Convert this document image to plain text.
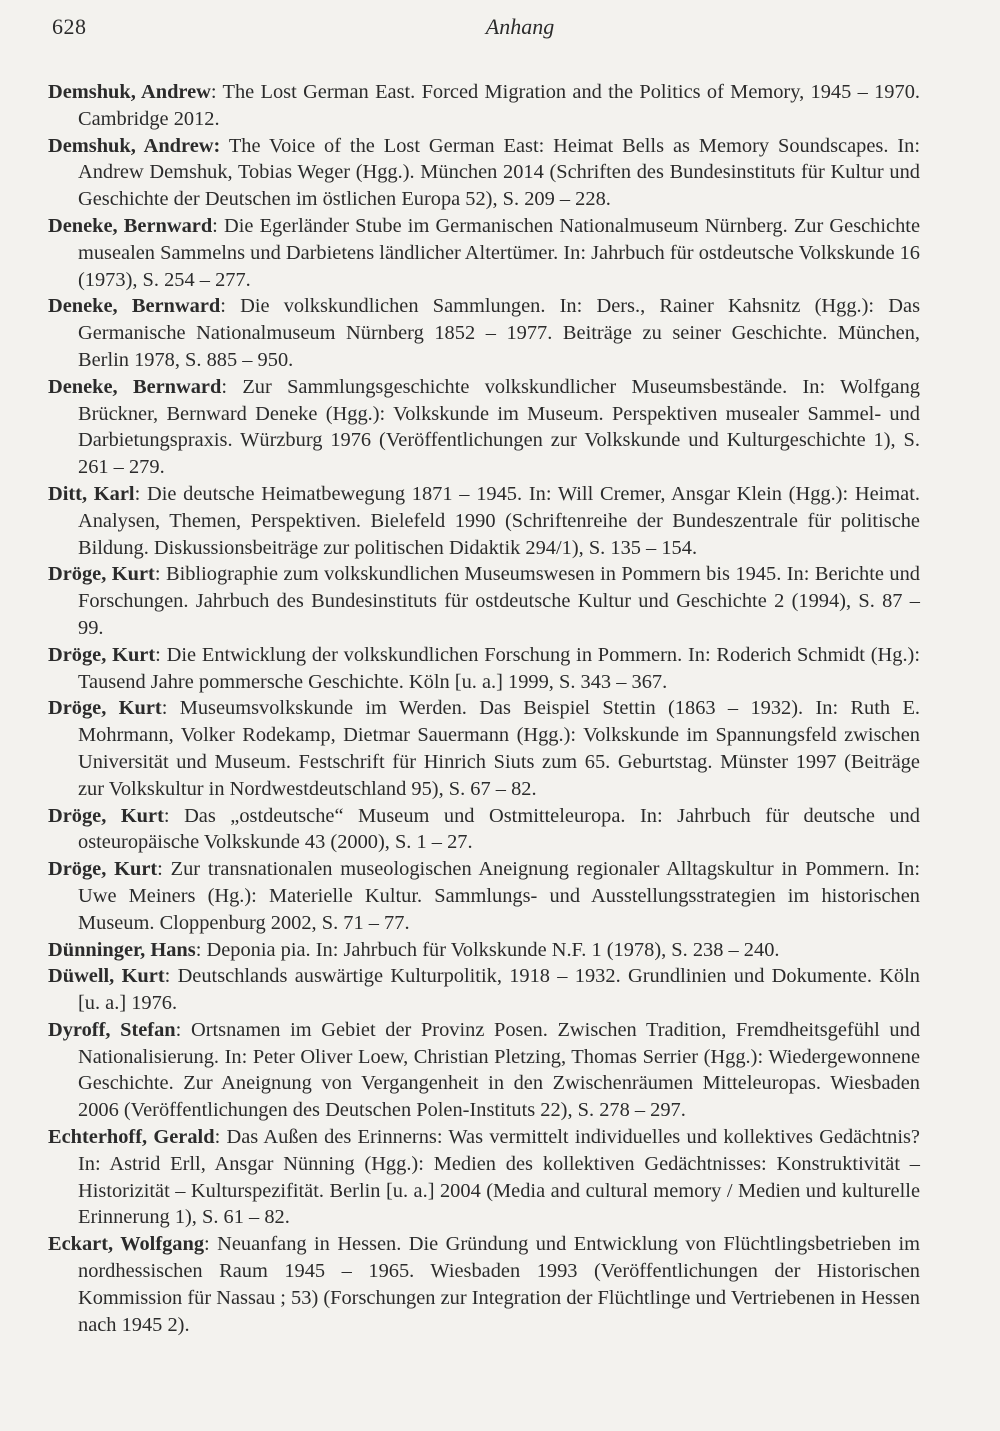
628	Anhang

Demshuk, Andrew: The Lost German East. Forced Migration and the Politics of Memory, 1945 – 1970. Cambridge 2012.

Demshuk, Andrew: The Voice of the Lost German East: Heimat Bells as Memory Soundscapes. In: Andrew Demshuk, Tobias Weger (Hgg.). München 2014 (Schriften des Bundesinstituts für Kultur und Geschichte der Deutschen im östlichen Europa 52), S. 209 – 228.

Deneke, Bernward: Die Egerländer Stube im Germanischen Nationalmuseum Nürnberg. Zur Geschichte musealen Sammelns und Darbietens ländlicher Altertümer. In: Jahrbuch für ostdeutsche Volkskunde 16 (1973), S. 254 – 277.

Deneke, Bernward: Die volkskundlichen Sammlungen. In: Ders., Rainer Kahsnitz (Hgg.): Das Germanische Nationalmuseum Nürnberg 1852 – 1977. Beiträge zu seiner Geschichte. München, Berlin 1978, S. 885 – 950.

Deneke, Bernward: Zur Sammlungsgeschichte volkskundlicher Museumsbestände. In: Wolfgang Brückner, Bernward Deneke (Hgg.): Volkskunde im Museum. Perspektiven musealer Sammel- und Darbietungspraxis. Würzburg 1976 (Veröffentlichungen zur Volkskunde und Kulturgeschichte 1), S. 261 – 279.

Ditt, Karl: Die deutsche Heimatbewegung 1871 – 1945. In: Will Cremer, Ansgar Klein (Hgg.): Heimat. Analysen, Themen, Perspektiven. Bielefeld 1990 (Schriftenreihe der Bundeszentrale für politische Bildung. Diskussionsbeiträge zur politischen Didaktik 294/1), S. 135 – 154.

Dröge, Kurt: Bibliographie zum volkskundlichen Museumswesen in Pommern bis 1945. In: Berichte und Forschungen. Jahrbuch des Bundesinstituts für ostdeutsche Kultur und Geschichte 2 (1994), S. 87 – 99.

Dröge, Kurt: Die Entwicklung der volkskundlichen Forschung in Pommern. In: Roderich Schmidt (Hg.): Tausend Jahre pommersche Geschichte. Köln [u. a.] 1999, S. 343 – 367.

Dröge, Kurt: Museumsvolkskunde im Werden. Das Beispiel Stettin (1863 – 1932). In: Ruth E. Mohrmann, Volker Rodekamp, Dietmar Sauermann (Hgg.): Volkskunde im Spannungsfeld zwischen Universität und Museum. Festschrift für Hinrich Siuts zum 65. Geburtstag. Münster 1997 (Beiträge zur Volkskultur in Nordwestdeutschland 95), S. 67 – 82.

Dröge, Kurt: Das „ostdeutsche“ Museum und Ostmitteleuropa. In: Jahrbuch für deutsche und osteuropäische Volkskunde 43 (2000), S. 1 – 27.

Dröge, Kurt: Zur transnationalen museologischen Aneignung regionaler Alltagskultur in Pommern. In: Uwe Meiners (Hg.): Materielle Kultur. Sammlungs- und Ausstellungsstrategien im historischen Museum. Cloppenburg 2002, S. 71 – 77.

Dünninger, Hans: Deponia pia. In: Jahrbuch für Volkskunde N.F. 1 (1978), S. 238 – 240.

Düwell, Kurt: Deutschlands auswärtige Kulturpolitik, 1918 – 1932. Grundlinien und Dokumente. Köln [u. a.] 1976.

Dyroff, Stefan: Ortsnamen im Gebiet der Provinz Posen. Zwischen Tradition, Fremdheitsgefühl und Nationalisierung. In: Peter Oliver Loew, Christian Pletzing, Thomas Serrier (Hgg.): Wiedergewonnene Geschichte. Zur Aneignung von Vergangenheit in den Zwischenräumen Mitteleuropas. Wiesbaden 2006 (Veröffentlichungen des Deutschen Polen-Instituts 22), S. 278 – 297.

Echterhoff, Gerald: Das Außen des Erinnerns: Was vermittelt individuelles und kollektives Gedächtnis? In: Astrid Erll, Ansgar Nünning (Hgg.): Medien des kollektiven Gedächtnisses: Konstruktivität – Historizität – Kulturspezifität. Berlin [u. a.] 2004 (Media and cultural memory / Medien und kulturelle Erinnerung 1), S. 61 – 82.

Eckart, Wolfgang: Neuanfang in Hessen. Die Gründung und Entwicklung von Flüchtlingsbetrieben im nordhessischen Raum 1945 – 1965. Wiesbaden 1993 (Veröffentlichungen der Historischen Kommission für Nassau ; 53) (Forschungen zur Integration der Flüchtlinge und Vertriebenen in Hessen nach 1945 2).
